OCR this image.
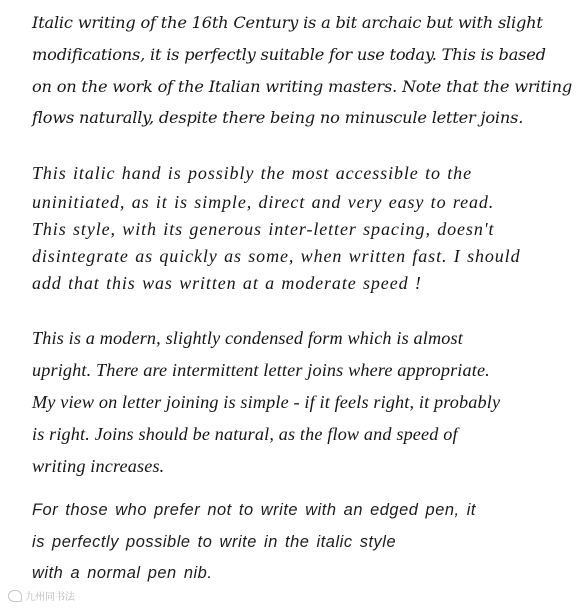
Italic writing of the 16th Century is a bit archaic but with slight
modifications, it is perfectly suitable for use today. This is based
on on the work of the Italian writing masters. Note that the writing
flows naturally, despite there being no minuscule letter joins.
This italic hand is possibly the most accessible to the
uninitiated, as it is simple, direct and very easy to read.
This style, with its generous inter-letter spacing, doesn't
disintegrate as quickly as some, when written fast. I should
add that this was written at a moderate speed !
This is a modern, slightly condensed form which is almost
upright. There are intermittent letter joins where appropriate.
My view on letter joining is simple - if it feels right, it probably
is right. Joins should be natural, as the flow and speed of
writing increases.
For those who prefer not to write with an edged pen, it
is perfectly possible to write in the italic style
with a normal pen nib.
九州同书法
